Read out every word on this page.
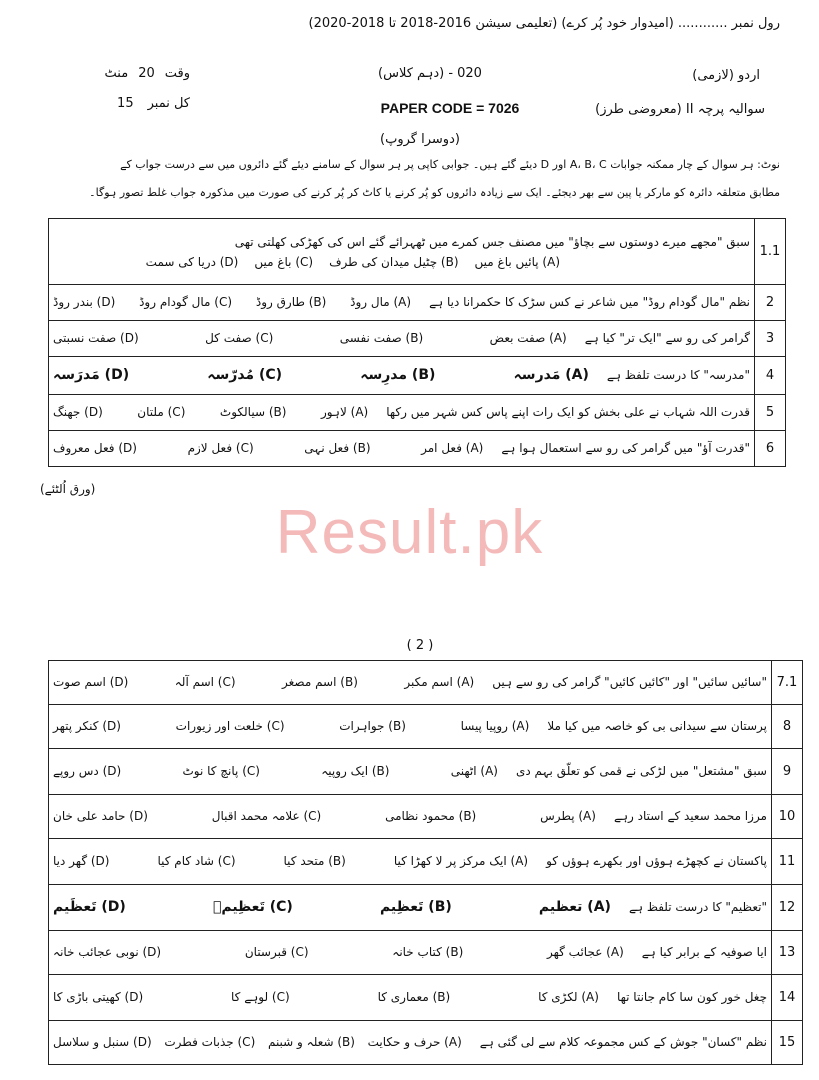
رول نمبر ............ (امیدوار خود پُر کرے) (تعلیمی سیشن 2016-2018 تا 2018-2020)
اردو (لازمی)
020 - (دہم کلاس)
وقت
20
منٹ
PAPER CODE = 7026	سوالیہ پرچہ II (معروضی طرز)
کل نمبر
15
(دوسرا گروپ)
نوٹ: ہر سوال کے چار ممکنہ جوابات A، B، C اور D دیئے گئے ہیں۔ جوابی کاپی پر ہر سوال کے سامنے دیئے گئے دائروں میں سے درست جواب کے
مطابق متعلقہ دائرہ کو مارکر یا پین سے بھر دیجئے۔ ایک سے زیادہ دائروں کو پُر کرنے یا کاٹ کر پُر کرنے کی صورت میں مذکورہ جواب غلط تصور ہوگا۔
1.1	سبق "مجھے میرے دوستوں سے بچاؤ" میں مصنف جس کمرے میں ٹھہرائے گئے اس کی کھڑکی کھلتی تھی
(A) پائیں باغ میں
(B) چٹیل میدان کی طرف
(C) باغ میں
(D) دریا کی سمت

2	نظم "مال گودام روڈ" میں شاعر نے کس سڑک کا حکمرانا دیا ہے
(A) مال روڈ
(B) طارق روڈ
(C) مال گودام روڈ
(D) بندر روڈ

3	گرامر کی رو سے "ایک تر" کیا ہے
(A) صفت بعض
(B) صفت نفسی
(C) صفت کل
(D) صفت نسبتی

4	"مدرسہ" کا درست تلفظ ہے
(A) مَدرسہ
(B) مدرِسہ
(C) مُدرّسہ
(D) مَدرَسہ

5	قدرت اللہ شہاب نے علی بخش کو ایک رات اپنے پاس کس شہر میں رکھا
(A) لاہور
(B) سیالکوٹ
(C) ملتان
(D) جھنگ

6	"قدرت آؤ" میں گرامر کی رو سے استعمال ہوا ہے
(A) فعل امر
(B) فعل نہی
(C) فعل لازم
(D) فعل معروف
(ورق اُلٹئے)
Result.pk
( 2 )
7.1	"سائیں سائیں" اور "کائیں کائیں" گرامر کی رو سے ہیں
(A) اسم مکبر
(B) اسم مصغر
(C) اسم آلہ
(D) اسم صوت

8	پرستان سے سیدانی بی کو خاصہ میں کیا ملا
(A) روپیا پیسا
(B) جواہرات
(C) خلعت اور زیورات
(D) کنکر پتھر

9	سبق "مشتعل" میں لڑکی نے قمی کو تعلّق بہم دی
(A) اٹھنی
(B) ایک روپیہ
(C) پانچ کا نوٹ
(D) دس روپے

10	مرزا محمد سعید کے استاد رہے
(A) پطرس
(B) محمود نظامی
(C) علامہ محمد اقبال
(D) حامد علی خان

11	پاکستان نے کچھڑے ہوؤں اور بکھرے ہوؤں کو
(A) ایک مرکز پر لا کھڑا کیا
(B) متحد کیا
(C) شاد کام کیا
(D) گھر دیا

12	"تعظیم" کا درست تلفظ ہے
(A) تعظیم
(B) تَعظِیم
(C) تَعظِیمؔ
(D) تَعظَیم

13	ایا صوفیہ کے برابر کیا ہے
(A) عجائب گھر
(B) کتاب خانہ
(C) قبرستان
(D) نوبی عجائب خانہ

14	چغل خور کون سا کام جانتا تھا
(A) لکڑی کا
(B) معماری کا
(C) لوہے کا
(D) کھیتی باڑی کا

15	نظم "کسان" جوش کے کس مجموعہ کلام سے لی گئی ہے
(A) حرف و حکایت
(B) شعلہ و شبنم
(C) جذبات فطرت
(D) سنبل و سلاسل
